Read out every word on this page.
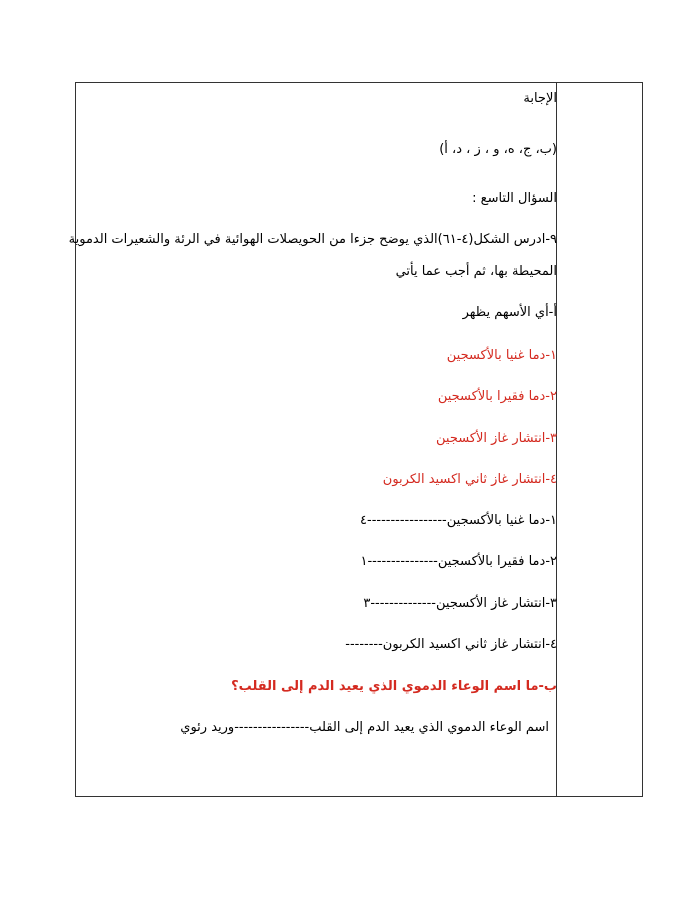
الإجابة
(ب، ج، ه، و ، ز ، د، أ)
السؤال التاسع :
٩-ادرس الشكل(٤-٦١)الذي يوضح جزءا من الحويصلات الهوائية في الرئة والشعيرات الدموية
المحيطة بها، ثم أجب عما يأتي
أ-أي الأسهم يظهر
١-دما غنيا بالأكسجين
٢-دما فقيرا بالأكسجين
٣-انتشار غاز الأكسجين
٤-انتشار غاز ثاني اكسيد الكربون
١-دما غنيا بالأكسجين-----------------٤
٢-دما فقيرا بالأكسجين---------------١
٣-انتشار غاز الأكسجين--------------٣
٤-انتشار غاز ثاني اكسيد الكربون--------
ب-ما اسم الوعاء الدموي الذي يعيد الدم إلى القلب؟
اسم الوعاء الدموي الذي يعيد الدم إلى القلب----------------وريد رئوي
